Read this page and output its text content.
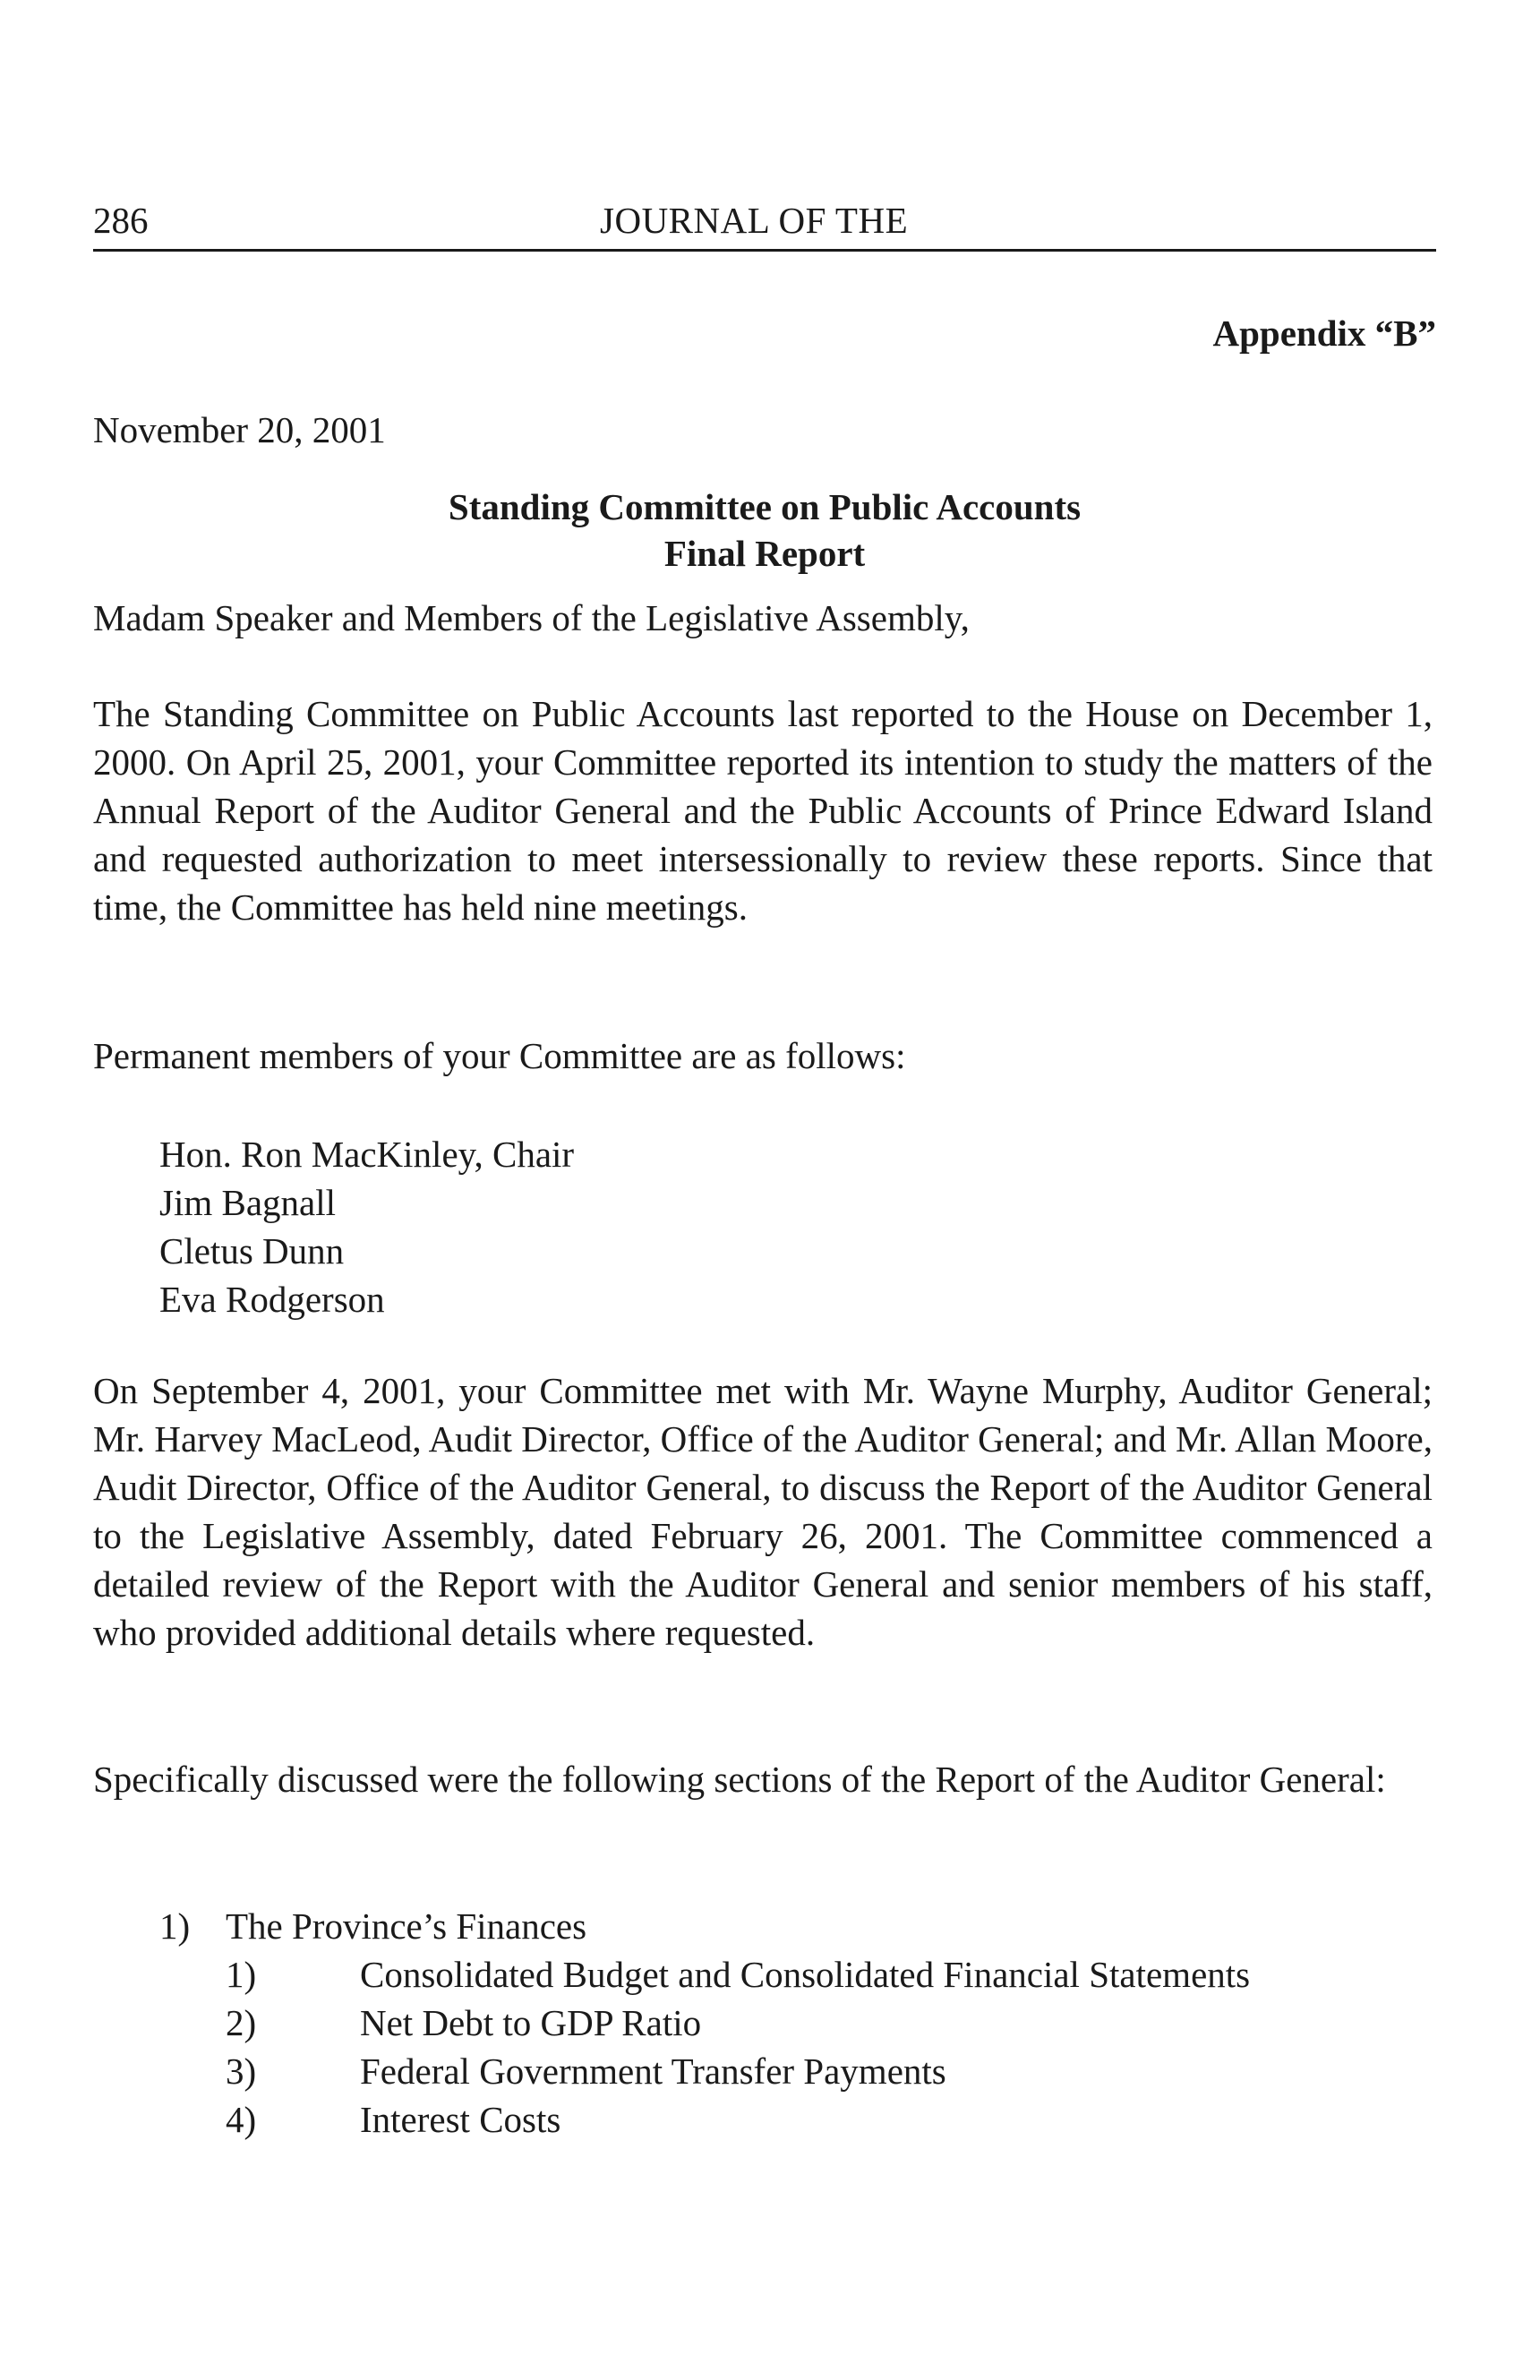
286	JOURNAL OF THE
Appendix “B”
November 20, 2001
Standing Committee on Public Accounts
Final Report
Madam Speaker and Members of the Legislative Assembly,

The Standing Committee on Public Accounts last reported to the House on December 1, 2000. On April 25, 2001, your Committee reported its intention to study the matters of the Annual Report of the Auditor General and the Public Accounts of Prince Edward Island and requested authorization to meet intersessionally to review these reports. Since that time, the Committee has held nine meetings.

Permanent members of your Committee are as follows:

Hon. Ron MacKinley, Chair
Jim Bagnall
Cletus Dunn
Eva Rodgerson

On September 4, 2001, your Committee met with Mr. Wayne Murphy, Auditor General; Mr. Harvey MacLeod, Audit Director, Office of the Auditor General; and Mr. Allan Moore, Audit Director, Office of the Auditor General, to discuss the Report of the Auditor General to the Legislative Assembly, dated February 26, 2001. The Committee commenced a detailed review of the Report with the Auditor General and senior members of his staff, who provided additional details where requested.

Specifically discussed were the following sections of the Report of the Auditor General:

1) The Province’s Finances
1)	Consolidated Budget and Consolidated Financial Statements
2)	Net Debt to GDP Ratio
3)	Federal Government Transfer Payments
4)	Interest Costs
